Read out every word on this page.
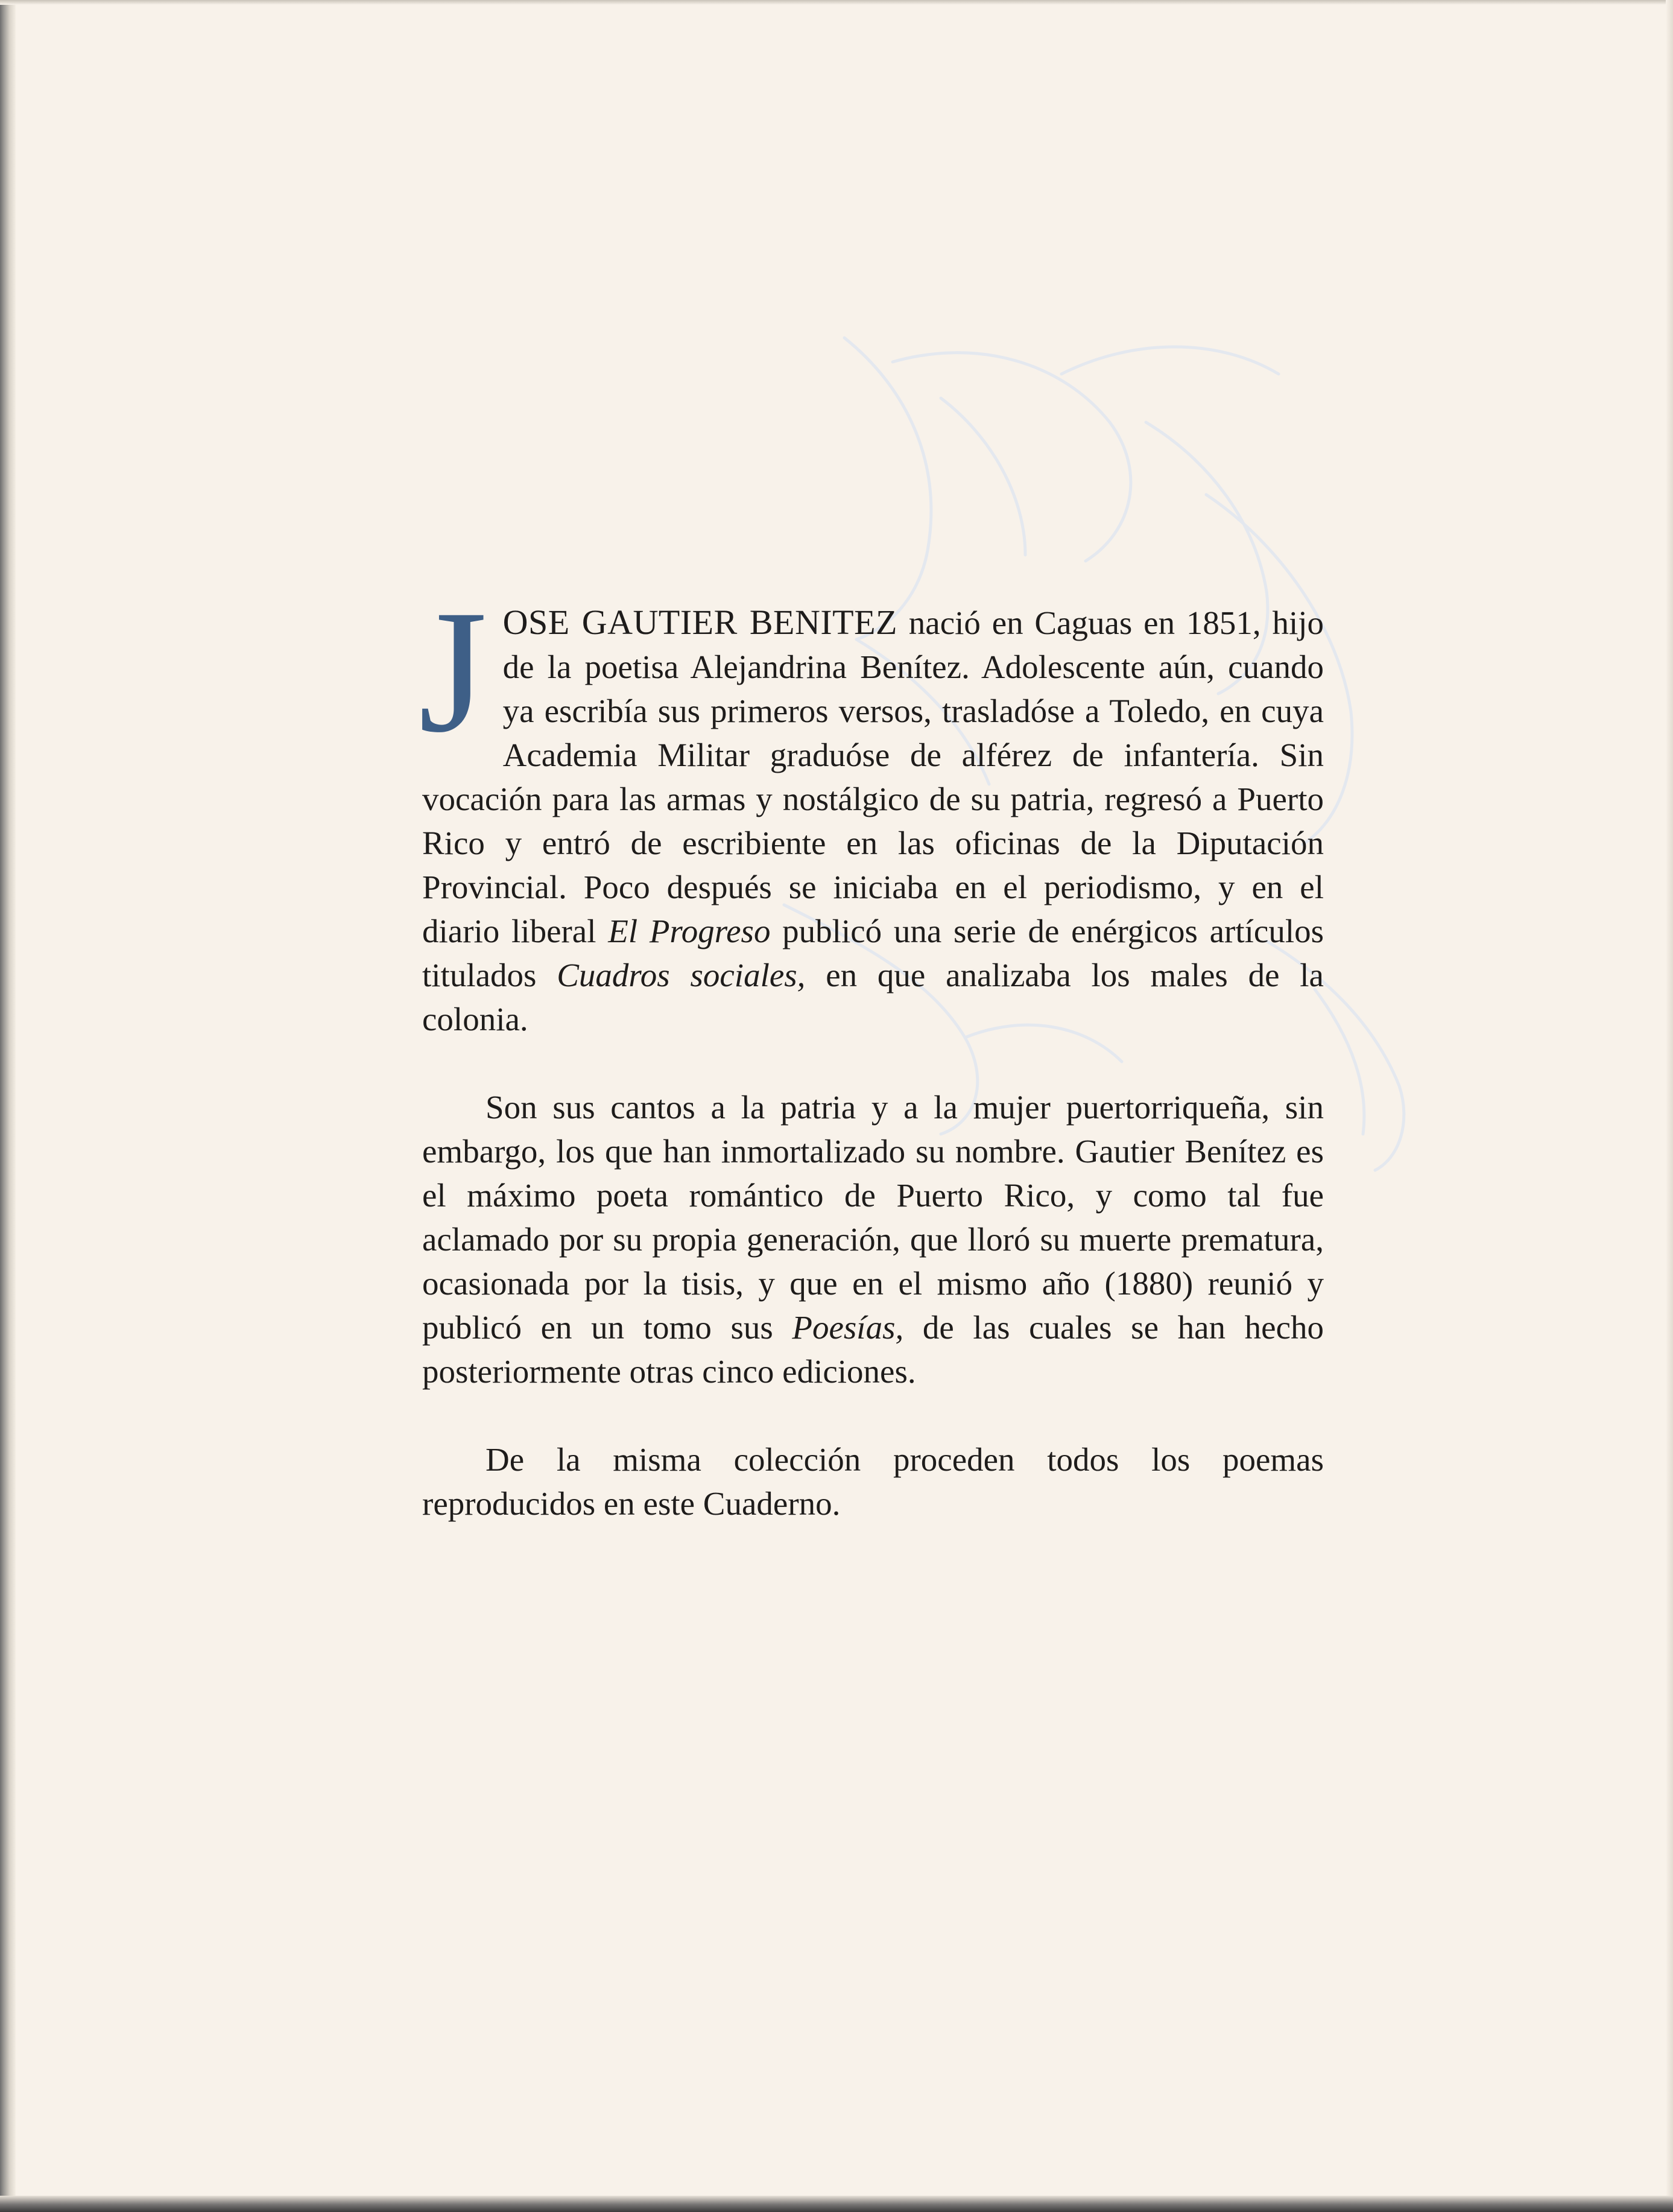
JOSE GAUTIER BENITEZ nació en Caguas en 1851, hijo de la poetisa Alejandrina Benítez. Adolescente aún, cuando ya escribía sus primeros versos, trasladóse a Toledo, en cuya Academia Militar graduóse de alférez de infantería. Sin vocación para las armas y nostálgico de su patria, regresó a Puerto Rico y entró de escribiente en las oficinas de la Diputación Provincial. Poco después se iniciaba en el periodismo, y en el diario liberal El Progreso publicó una serie de enérgicos artículos titulados Cuadros sociales, en que analizaba los males de la colonia.

Son sus cantos a la patria y a la mujer puertorriqueña, sin embargo, los que han inmortalizado su nombre. Gautier Benítez es el máximo poeta romántico de Puerto Rico, y como tal fue aclamado por su propia generación, que lloró su muerte prematura, ocasionada por la tisis, y que en el mismo año (1880) reunió y publicó en un tomo sus Poesías, de las cuales se han hecho posteriormente otras cinco ediciones.

De la misma colección proceden todos los poemas reproducidos en este Cuaderno.
